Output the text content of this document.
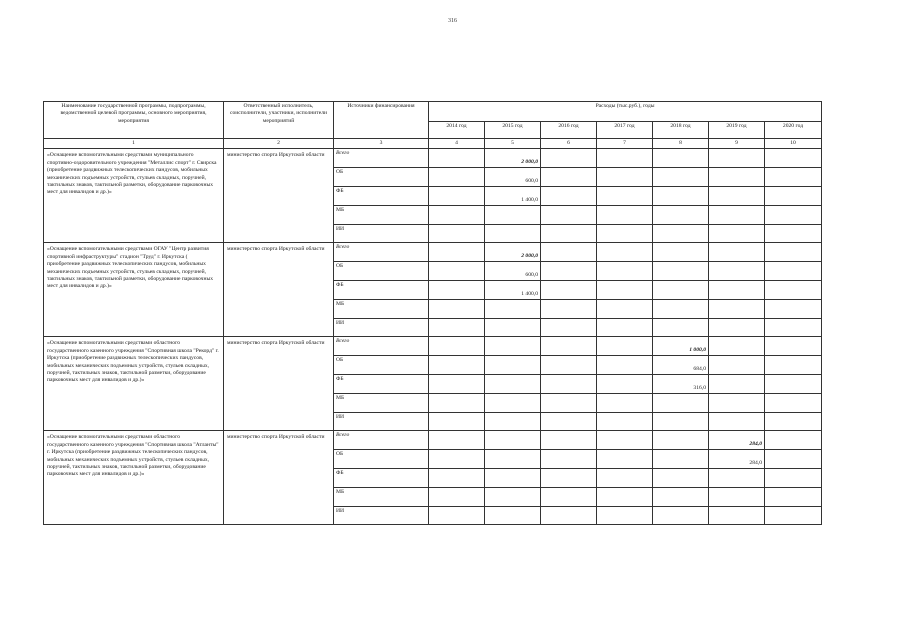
316
Наименование государственной программы, подпрограммы, ведомственной целевой программы, основного мероприятия, мероприятия	Ответственный исполнитель, соисполнители, участники, исполнители мероприятий	Источники финансирования	Расходы (тыс.руб.), годы						
			2014 год	2015 год	2016 год	2017 год	2018 год	2019 год	2020 год
1	2	3	4	5	6	7	8	9	10
«Оснащение вспомогательными средствами муниципального спортивно-оздоровительного учреждения "Металлис спорт" г. Свирска (приобретение раздвижных телескопических пандусов, мобильных механических подъемных устройств, стульев складных, поручней, тактильных знаков, тактильной разметки, оборудование парковочных мест для инвалидов и др.)»	министерство спорта Иркутской области	Всего		2 000,0					
		ОБ		600,0					
		ФБ		1 400,0					
		МБ							
		ИИ							
«Оснащение вспомогательными средствами ОГАУ "Центр развития спортивной инфраструктуры" стадион "Труд" г. Иркутска ( приобретение раздвижных телескопических пандусов, мобильных механических подъемных устройств, стульев складных, поручней, тактильных знаков, тактильной разметки, оборудование парковочных мест для инвалидов и др.)»	министерство спорта Иркутской области	Всего		2 000,0					
		ОБ		600,0					
		ФБ		1 400,0					
		МБ							
		ИИ							
«Оснащение вспомогательными средствами областного государственного казенного учреждения "Спортивная школа "Рекорд" г. Иркутска (приобретение раздвижных телескопических пандусов, мобильных механических подъемных устройств, стульев складных, поручней, тактильных знаков, тактильной разметки, оборудование парковочных мест для инвалидов и др.)»	министерство спорта Иркутской области	Всего					1 000,0		
		ОБ					684,0		
		ФБ					316,0		
		МБ							
		ИИ							
«Оснащение вспомогательными средствами областного государственного казенного учреждения "Спортивная школа "Атланты" г. Иркутска (приобретение раздвижных телескопических пандусов, мобильных механических подъемных устройств, стульев складных, поручней, тактильных знаков, тактильной разметки, оборудование парковочных мест для инвалидов и др.)»	министерство спорта Иркутской области	Всего						284,0	
		ОБ						284,0	
		ФБ							
		МБ							
		ИИ							
